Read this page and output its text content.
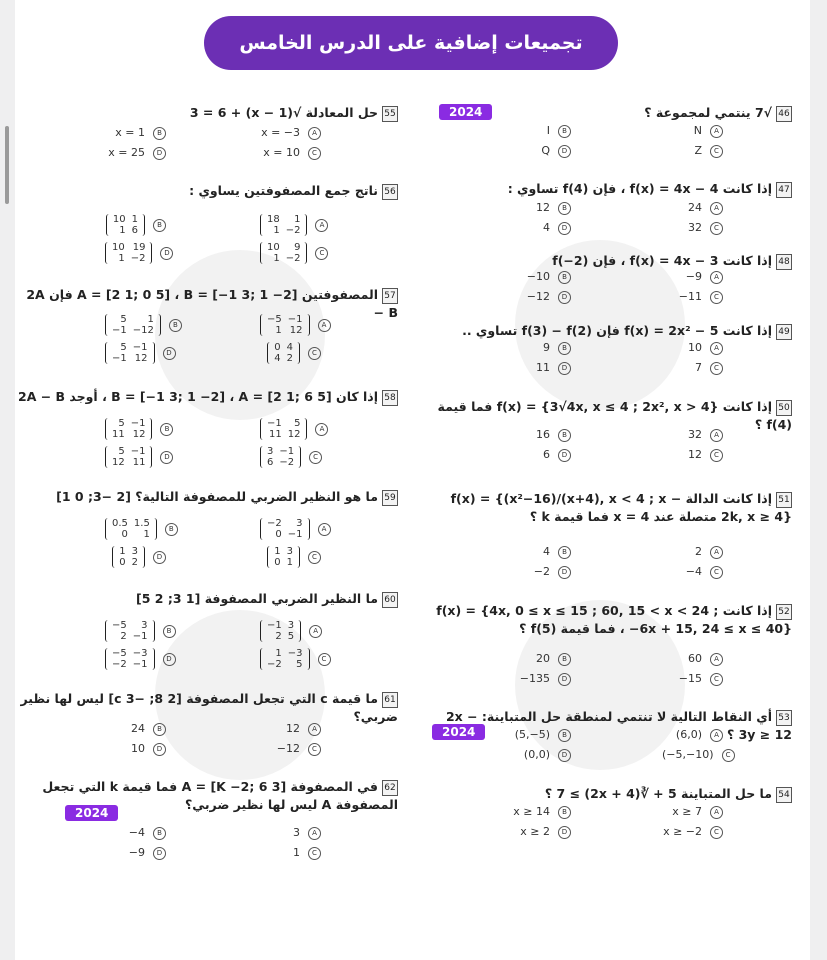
تجميعات إضافية على الدرس الخامس
2024
2024
2024
46√7 ينتمي لمجموعة ؟
N A
I B
Z C
Q D
47إذا كانت f(x) = 4x − 4 ، فإن f(4) تساوي :
24 A
12 B
32 C
4 D
48إذا كانت f(x) = 4x − 3 ، فإن f(−2)
−9 A
−10 B
−11 C
−12 D
49إذا كانت f(x) = 2x² − 5 فإن f(3) − f(2) تساوي ..
10 A
9 B
7 C
11 D
50إذا كانت f(x) = {3√4x, x ≤ 4 ; 2x², x > 4} فما قيمة f(4) ؟
32 A
16 B
12 C
6 D
51إذا كانت الدالة f(x) = {(x²−16)/(x+4), x < 4 ; x − 2k, x ≥ 4} متصلة عند x = 4 فما قيمة k ؟
2 A
4 B
−4 C
−2 D
52إذا كانت f(x) = {4x, 0 ≤ x ≤ 15 ; 60, 15 < x < 24 ; −6x + 15, 24 ≤ x ≤ 40} ، فما قيمة f(5) ؟
60 A
20 B
−15 C
−135 D
53أي النقاط التالية لا تنتمي لمنطقة حل المتباينة: 2x − 3y ≥ 12 ؟
(6,0) A
(5,−5) B
(−5,−10) C
(0,0) D
54ما حل المتباينة 5 + ∛(2x + 4) ≥ 7 ؟
x ≥ 7 A
x ≥ 14 B
x ≥ −2 C
x ≥ 2 D
55حل المعادلة √(x − 1) + 3 = 6
x = −3 A
x = 1 B
x = 10 C
x = 25 D
56ناتج جمع المصفوفتين يساوي :
18	1
1	−2
A
10	1
1	6
B
10	9
1	−2
C
10	19
1	−2
D
57المصفوفتين A = [2 1; 0 5] ، B = [−1 3; 1 −2] فإن 2A − B
−5	−1
1	12
A
5	1
−1	−12
B
0	4
4	2
C
5	−1
−1	12
D
58إذا كان B = [−1 3; 1 −2] ، A = [2 1; 6 5] ، أوجد 2A − B
−1	5
11	12
A
5	−1
11	12
B
3	−1
6	−2
C
5	−1
12	11
D
59ما هو النظير الضربي للمصفوفة التالية؟ [2 −3; 0 1]
−2	3
0	−1
A
0.5	1.5
0	1
B
1	3
0	1
C
1	3
0	2
D
60ما النظير الضربي المصفوفة [1 3; 2 5]
−1	3
2	5
A
−5	3
2	−1
B
1	−3
−2	5
C
−5	−3
−2	−1
D
61ما قيمة c التي تجعل المصفوفة [2 8; −3 c] ليس لها نظير ضربي؟
12 A
24 B
−12 C
10 D
62في المصفوفة A = [K −2; 6 3] فما قيمة k التي تجعل المصفوفة A ليس لها نظير ضربي؟
3 A
−4 B
1 C
−9 D
